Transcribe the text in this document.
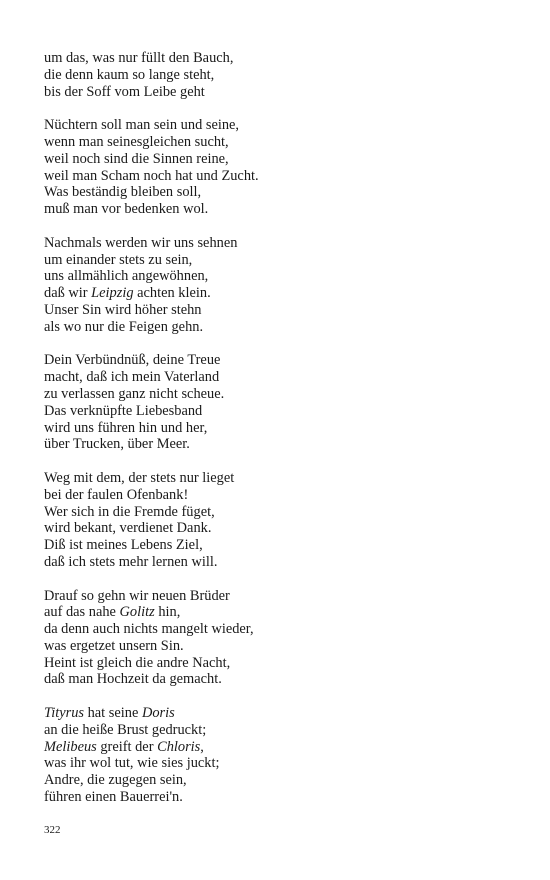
um das, was nur füllt den Bauch,
die denn kaum so lange steht,
bis der Soff vom Leibe geht
Nüchtern soll man sein und seine,
wenn man seinesgleichen sucht,
weil noch sind die Sinnen reine,
weil man Scham noch hat und Zucht.
Was beständig bleiben soll,
muß man vor bedenken wol.
Nachmals werden wir uns sehnen
um einander stets zu sein,
uns allmählich angewöhnen,
daß wir Leipzig achten klein.
Unser Sin wird höher stehn
als wo nur die Feigen gehn.
Dein Verbündnüß, deine Treue
macht, daß ich mein Vaterland
zu verlassen ganz nicht scheue.
Das verknüpfte Liebesband
wird uns führen hin und her,
über Trucken, über Meer.
Weg mit dem, der stets nur lieget
bei der faulen Ofenbank!
Wer sich in die Fremde füget,
wird bekant, verdienet Dank.
Diß ist meines Lebens Ziel,
daß ich stets mehr lernen will.
Drauf so gehn wir neuen Brüder
auf das nahe Golitz hin,
da denn auch nichts mangelt wieder,
was ergetzet unsern Sin.
Heint ist gleich die andre Nacht,
daß man Hochzeit da gemacht.
Tityrus hat seine Doris
an die heiße Brust gedruckt;
Melibeus greift der Chloris,
was ihr wol tut, wie sies juckt;
Andre, die zugegen sein,
führen einen Bauerrei'n.
322
